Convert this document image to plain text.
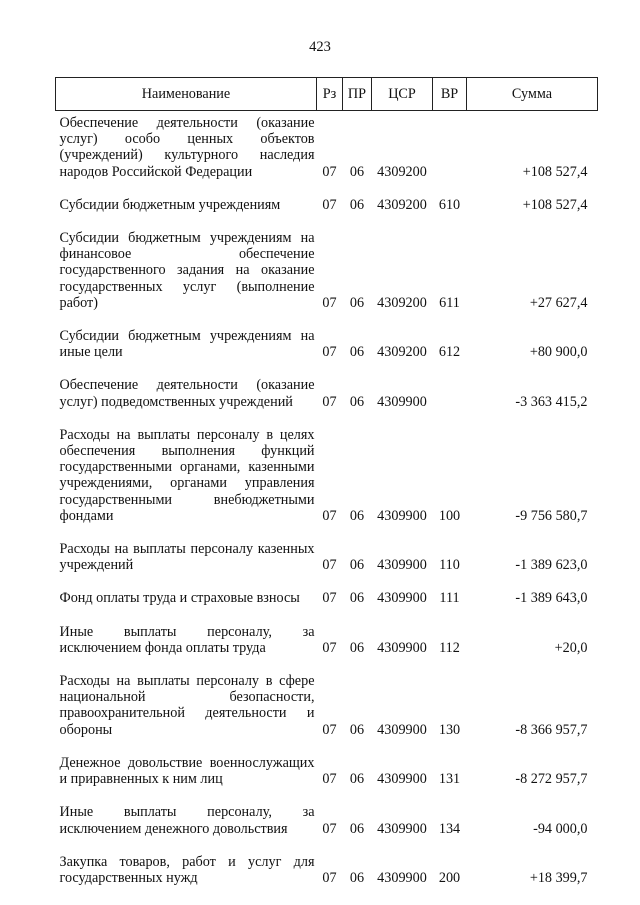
423
Наименование	Рз	ПР	ЦСР	ВР	Сумма
Обеспечение деятельности (оказание услуг) особо ценных объектов (учреждений) культурного наследия народов Российской Федерации	07	06	4309200		+108 527,4
Субсидии бюджетным учреждениям	07	06	4309200	610	+108 527,4
Субсидии бюджетным учреждениям на финансовое обеспечение государственного задания на оказание государственных услуг (выполнение работ)	07	06	4309200	611	+27 627,4
Субсидии бюджетным учреждениям на иные цели	07	06	4309200	612	+80 900,0
Обеспечение деятельности (оказание услуг) подведомственных учреждений	07	06	4309900		-3 363 415,2
Расходы на выплаты персоналу в целях обеспечения выполнения функций государственными органами, казенными учреждениями, органами управления государственными внебюджетными фондами	07	06	4309900	100	-9 756 580,7
Расходы на выплаты персоналу казенных учреждений	07	06	4309900	110	-1 389 623,0
Фонд оплаты труда и страховые взносы	07	06	4309900	111	-1 389 643,0
Иные выплаты персоналу, за исключением фонда оплаты труда	07	06	4309900	112	+20,0
Расходы на выплаты персоналу в сфере национальной безопасности, правоохранительной деятельности и обороны	07	06	4309900	130	-8 366 957,7
Денежное довольствие военнослужащих и приравненных к ним лиц	07	06	4309900	131	-8 272 957,7
Иные выплаты персоналу, за исключением денежного довольствия	07	06	4309900	134	-94 000,0
Закупка товаров, работ и услуг для государственных нужд	07	06	4309900	200	+18 399,7
